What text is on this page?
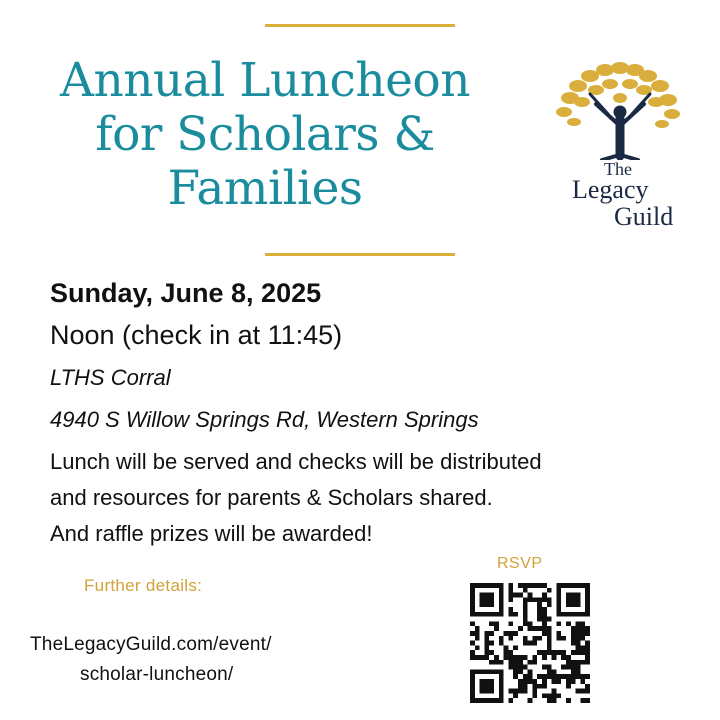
Annual Luncheon
for Scholars &
Families	The
Legacy
Guild
Sunday, June 8, 2025
Noon (check in at 11:45)
LTHS Corral
4940 S Willow Springs Rd, Western Springs
Lunch will be served and checks will be distributed
and resources for parents & Scholars shared.
And raffle prizes will be awarded!
Further details:
TheLegacyGuild.com/event/
scholar-luncheon/
RSVP
